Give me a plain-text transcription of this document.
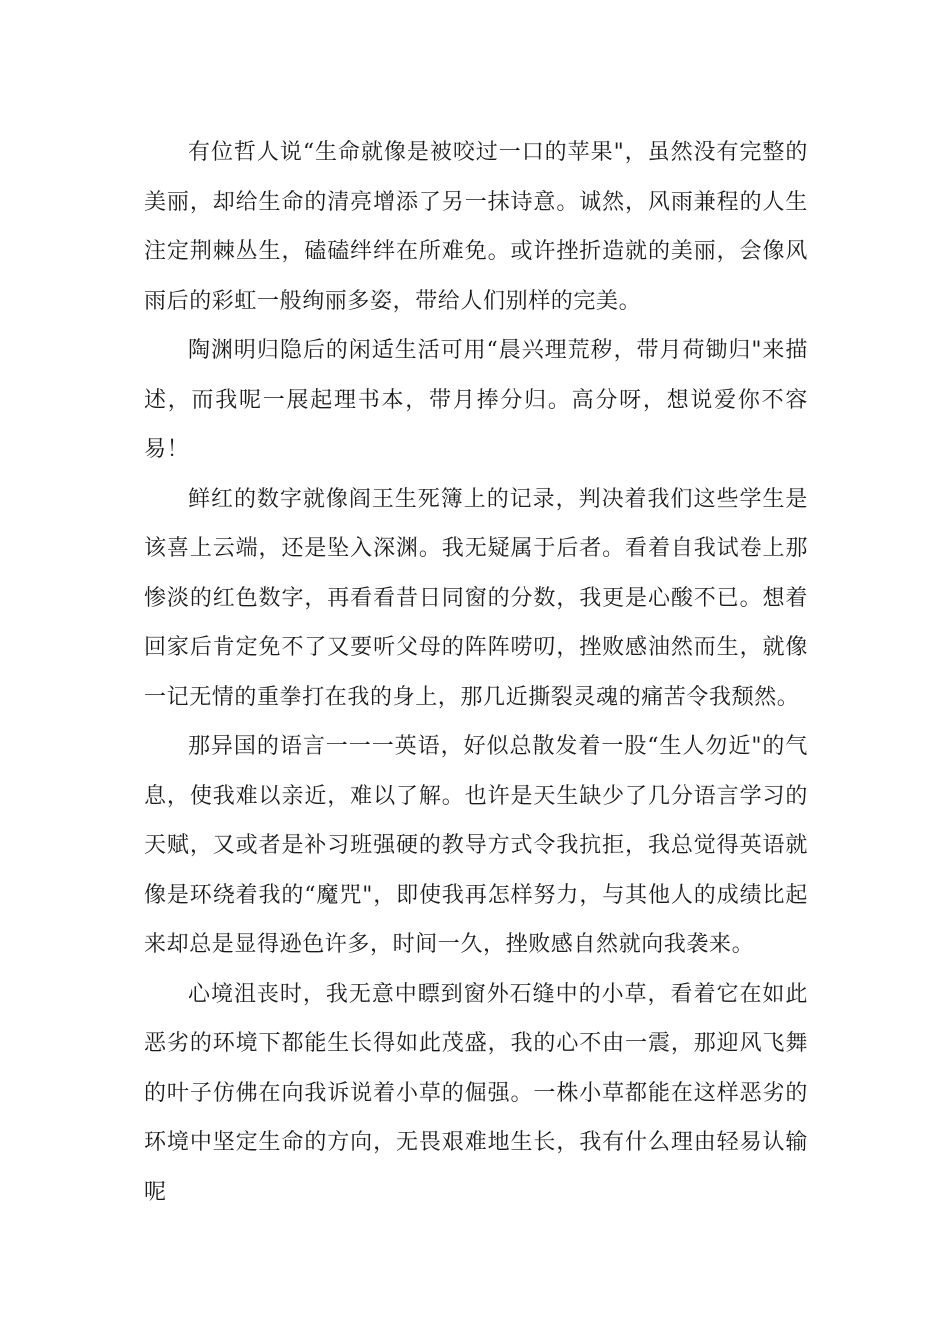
有位哲人说“生命就像是被咬过一口的苹果"，虽然没有完整的美丽，却给生命的清亮增添了另一抹诗意。诚然，风雨兼程的人生注定荆棘丛生，磕磕绊绊在所难免。或许挫折造就的美丽，会像风雨后的彩虹一般绚丽多姿，带给人们别样的完美。

陶渊明归隐后的闲适生活可用“晨兴理荒秽，带月荷锄归"来描述，而我呢一展起理书本，带月捧分归。高分呀，想说爱你不容易！

鲜红的数字就像阎王生死簿上的记录，判决着我们这些学生是该喜上云端，还是坠入深渊。我无疑属于后者。看着自我试卷上那惨淡的红色数字，再看看昔日同窗的分数，我更是心酸不已。想着回家后肯定免不了又要听父母的阵阵唠叨，挫败感油然而生，就像一记无情的重拳打在我的身上，那几近撕裂灵魂的痛苦令我颓然。

那异国的语言一一一英语，好似总散发着一股“生人勿近"的气息，使我难以亲近，难以了解。也许是天生缺少了几分语言学习的天赋，又或者是补习班强硬的教导方式令我抗拒，我总觉得英语就像是环绕着我的“魔咒"，即使我再怎样努力，与其他人的成绩比起来却总是显得逊色许多，时间一久，挫败感自然就向我袭来。

心境沮丧时，我无意中瞟到窗外石缝中的小草，看着它在如此恶劣的环境下都能生长得如此茂盛，我的心不由一震，那迎风飞舞的叶子仿佛在向我诉说着小草的倔强。一株小草都能在这样恶劣的环境中坚定生命的方向，无畏艰难地生长，我有什么理由轻易认输呢
